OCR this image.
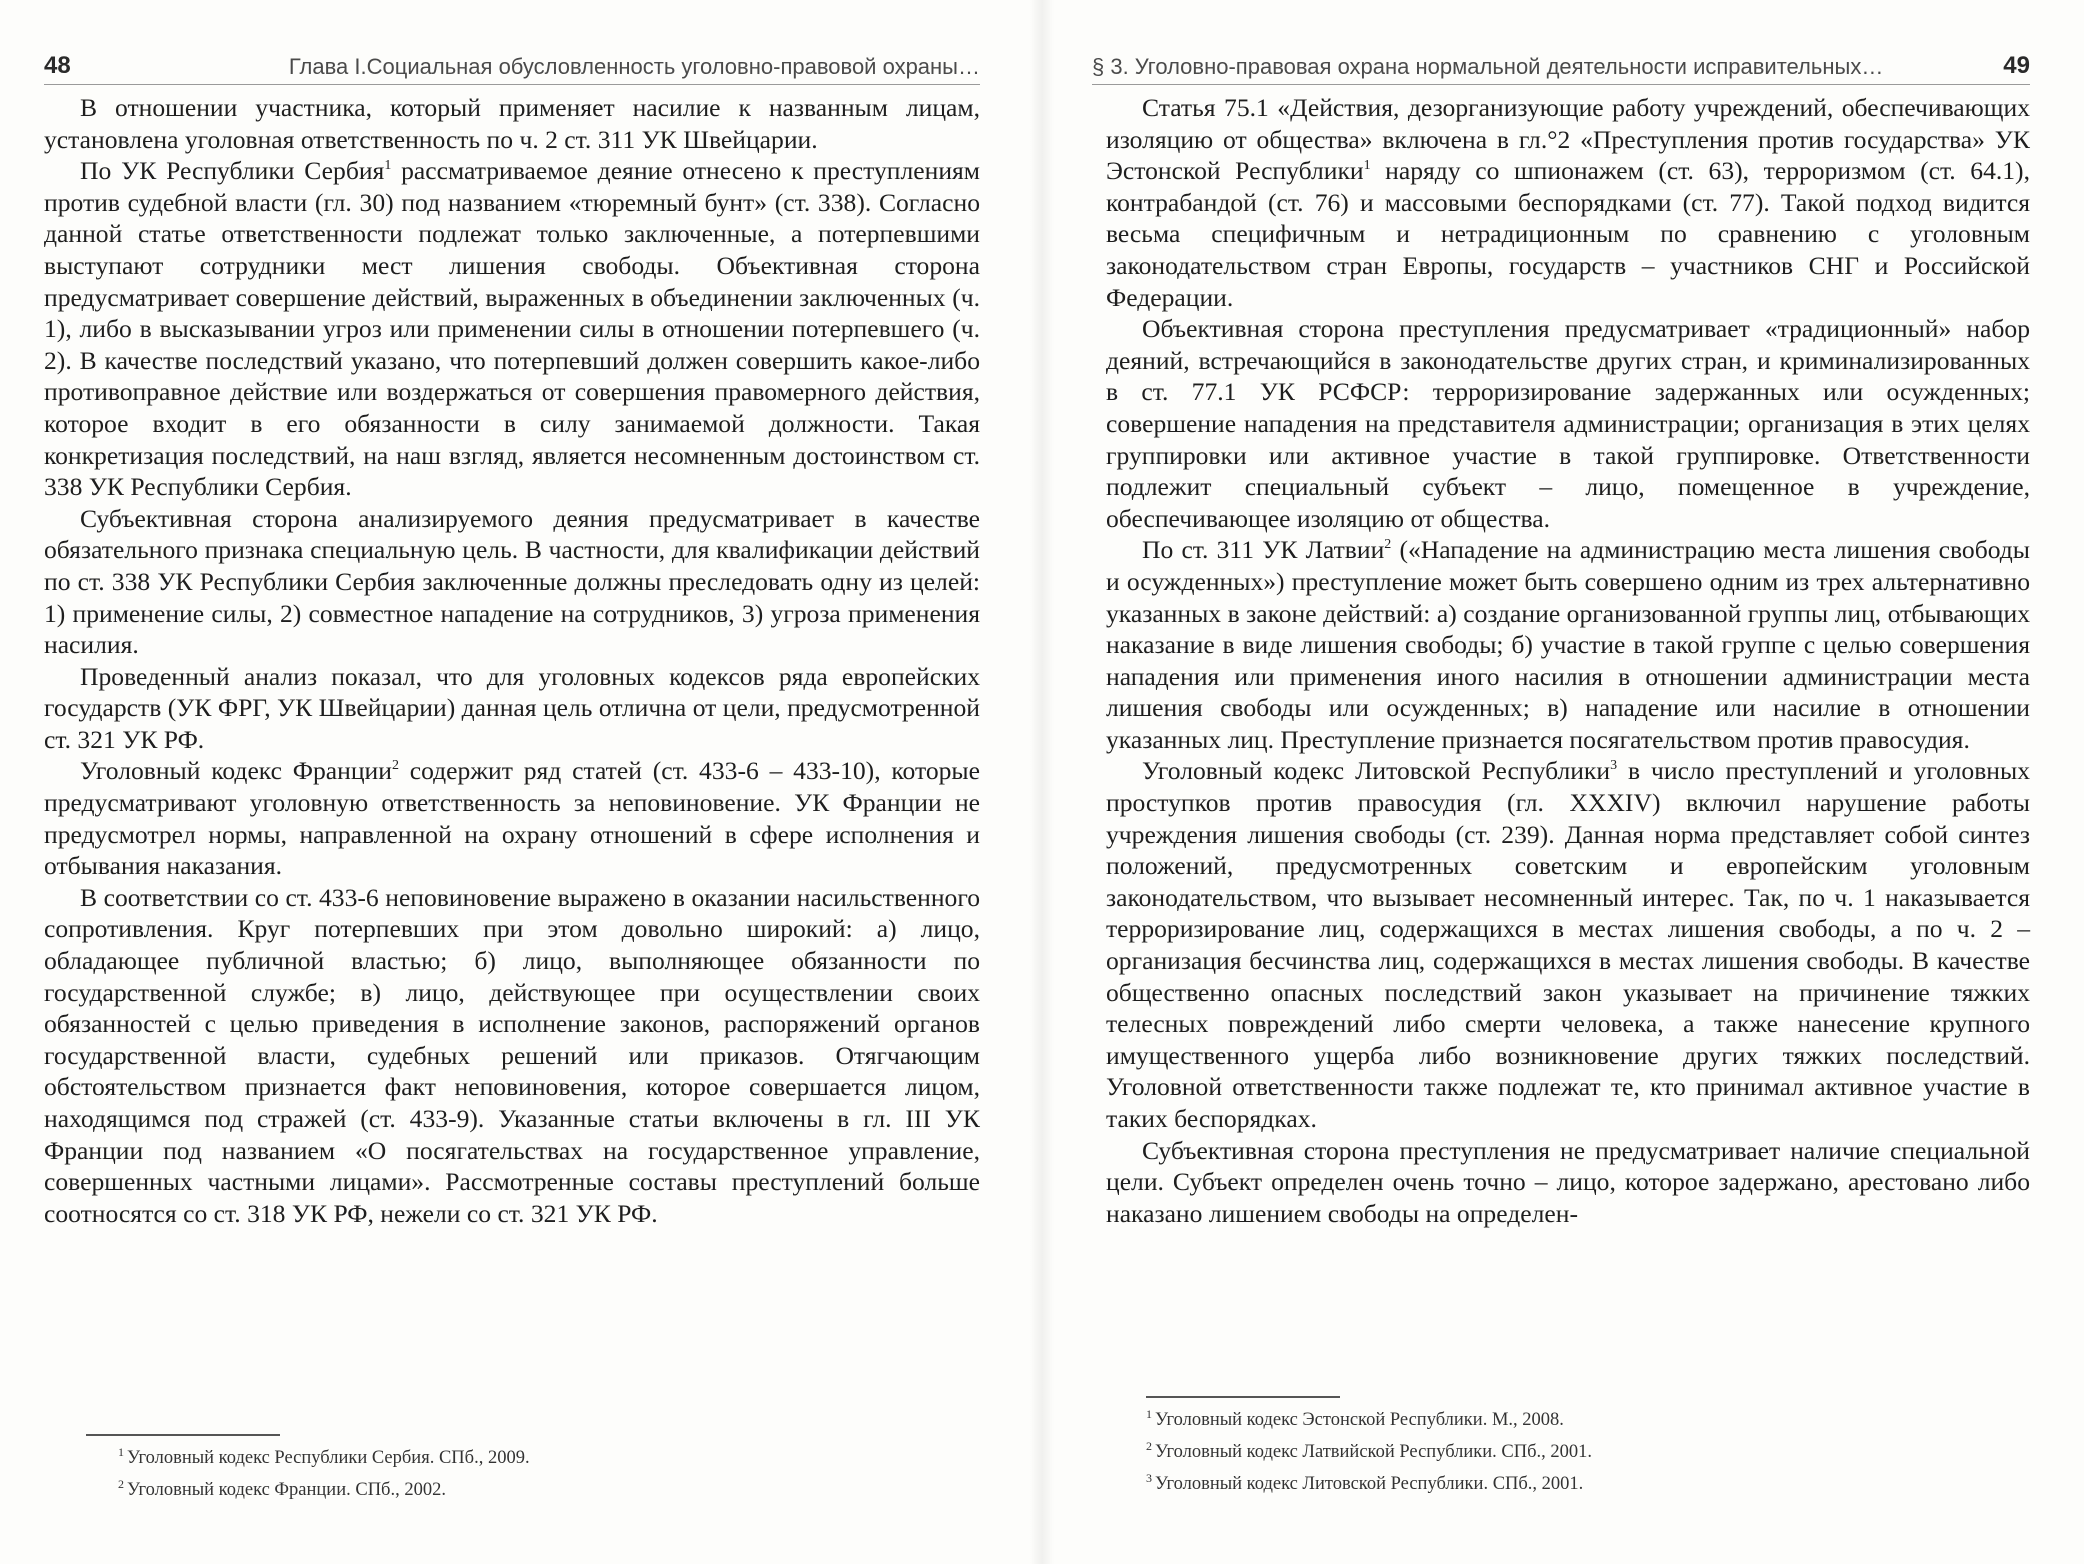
48	Глава I.Социальная обусловленность уголовно-правовой охраны…

В отношении участника, который применяет насилие к названным лицам, установлена уголовная ответственность по ч. 2 ст. 311 УК Швейцарии.

По УК Республики Сербия$^1$ рассматриваемое деяние отнесено к преступлениям против судебной власти (гл. 30) под названием «тюремный бунт» (ст. 338). Согласно данной статье ответственности подлежат только заключенные, а потерпевшими выступают сотрудники мест лишения свободы. Объективная сторона предусматривает совершение действий, выраженных в объединении заключенных (ч. 1), либо в высказывании угроз или применении силы в отношении потерпевшего (ч. 2). В качестве последствий указано, что потерпевший должен совершить какое-либо противоправное действие или воздержаться от совершения правомерного действия, которое входит в его обязанности в силу занимаемой должности. Такая конкретизация последствий, на наш взгляд, является несомненным достоинством ст. 338 УК Республики Сербия.

Субъективная сторона анализируемого деяния предусматривает в качестве обязательного признака специальную цель. В частности, для квалификации действий по ст. 338 УК Республики Сербия заключенные должны преследовать одну из целей: 1) применение силы, 2) совместное нападение на сотрудников, 3) угроза применения насилия.

Проведенный анализ показал, что для уголовных кодексов ряда европейских государств (УК ФРГ, УК Швейцарии) данная цель отлична от цели, предусмотренной ст. 321 УК РФ.

Уголовный кодекс Франции$^2$ содержит ряд статей (ст. 433-6 – 433-10), которые предусматривают уголовную ответственность за неповиновение. УК Франции не предусмотрел нормы, направленной на охрану отношений в сфере исполнения и отбывания наказания.

В соответствии со ст. 433-6 неповиновение выражено в оказании насильственного сопротивления. Круг потерпевших при этом довольно широкий: а) лицо, обладающее публичной властью; б) лицо, выполняющее обязанности по государственной службе; в) лицо, действующее при осуществлении своих обязанностей с целью приведения в исполнение законов, распоряжений органов государственной власти, судебных решений или приказов. Отягчающим обстоятельством признается факт неповиновения, которое совершается лицом, находящимся под стражей (ст. 433-9). Указанные статьи включены в гл. III УК Франции под названием «О посягательствах на государственное управление, совершенных частными лицами». Рассмотренные составы преступлений больше соотносятся со ст. 318 УК РФ, нежели со ст. 321 УК РФ.

$^1$ Уголовный кодекс Республики Сербия. СПб., 2009.
$^2$ Уголовный кодекс Франции. СПб., 2002.
§ 3. Уголовно-правовая охрана нормальной деятельности исправительных…	49

Статья 75.1 «Действия, дезорганизующие работу учреждений, обеспечивающих изоляцию от общества» включена в гл.°2 «Преступления против государства» УК Эстонской Республики$^1$ наряду со шпионажем (ст. 63), терроризмом (ст. 64.1), контрабандой (ст. 76) и массовыми беспорядками (ст. 77). Такой подход видится весьма специфичным и нетрадиционным по сравнению с уголовным законодательством стран Европы, государств – участников СНГ и Российской Федерации.

Объективная сторона преступления предусматривает «традиционный» набор деяний, встречающийся в законодательстве других стран, и криминализированных в ст. 77.1 УК РСФСР: терроризирование задержанных или осужденных; совершение нападения на представителя администрации; организация в этих целях группировки или активное участие в такой группировке. Ответственности подлежит специальный субъект – лицо, помещенное в учреждение, обеспечивающее изоляцию от общества.

По ст. 311 УК Латвии$^2$ («Нападение на администрацию места лишения свободы и осужденных») преступление может быть совершено одним из трех альтернативно указанных в законе действий: а) создание организованной группы лиц, отбывающих наказание в виде лишения свободы; б) участие в такой группе с целью совершения нападения или применения иного насилия в отношении администрации места лишения свободы или осужденных; в) нападение или насилие в отношении указанных лиц. Преступление признается посягательством против правосудия.

Уголовный кодекс Литовской Республики$^3$ в число преступлений и уголовных проступков против правосудия (гл. XXXIV) включил нарушение работы учреждения лишения свободы (ст. 239). Данная норма представляет собой синтез положений, предусмотренных советским и европейским уголовным законодательством, что вызывает несомненный интерес. Так, по ч. 1 наказывается терроризирование лиц, содержащихся в местах лишения свободы, а по ч. 2 – организация бесчинства лиц, содержащихся в местах лишения свободы. В качестве общественно опасных последствий закон указывает на причинение тяжких телесных повреждений либо смерти человека, а также нанесение крупного имущественного ущерба либо возникновение других тяжких последствий. Уголовной ответственности также подлежат те, кто принимал активное участие в таких беспорядках.

Субъективная сторона преступления не предусматривает наличие специальной цели. Субъект определен очень точно – лицо, которое задержано, арестовано либо наказано лишением свободы на определен-

$^1$ Уголовный кодекс Эстонской Республики. М., 2008.
$^2$ Уголовный кодекс Латвийской Республики. СПб., 2001.
$^3$ Уголовный кодекс Литовской Республики. СПб., 2001.
